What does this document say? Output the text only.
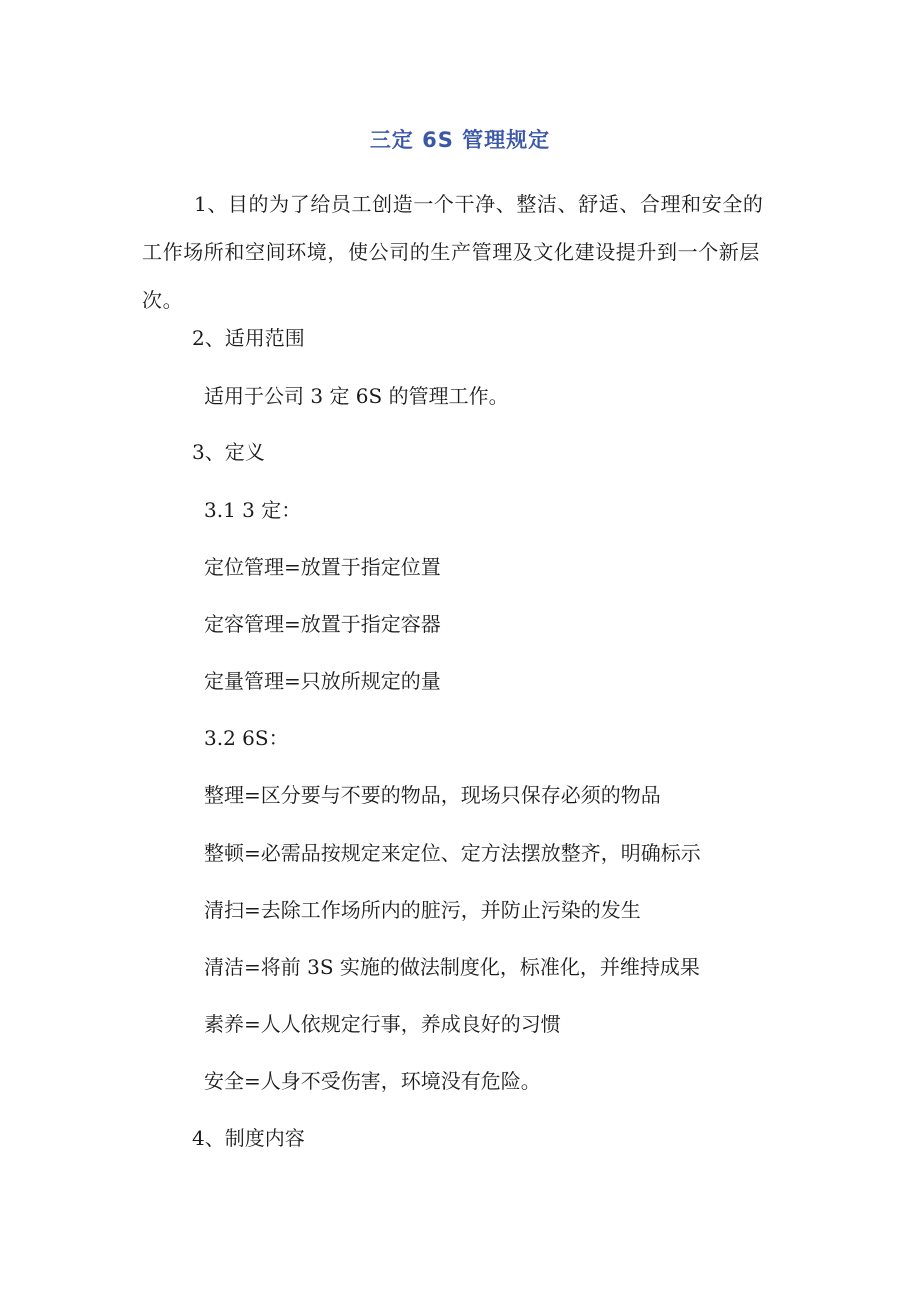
三定 6S 管理规定

1、目的为了给员工创造一个干净、整洁、舒适、合理和安全的工作场所和空间环境，使公司的生产管理及文化建设提升到一个新层次。

2、适用范围
适用于公司 3 定 6S 的管理工作。
3、定义
3.1 3 定：
定位管理=放置于指定位置
定容管理=放置于指定容器
定量管理=只放所规定的量
3.2 6S：
整理=区分要与不要的物品，现场只保存必须的物品
整顿=必需品按规定来定位、定方法摆放整齐，明确标示
清扫=去除工作场所内的脏污，并防止污染的发生
清洁=将前 3S 实施的做法制度化，标准化，并维持成果
素养=人人依规定行事，养成良好的习惯
安全=人身不受伤害，环境没有危险。
4、制度内容
